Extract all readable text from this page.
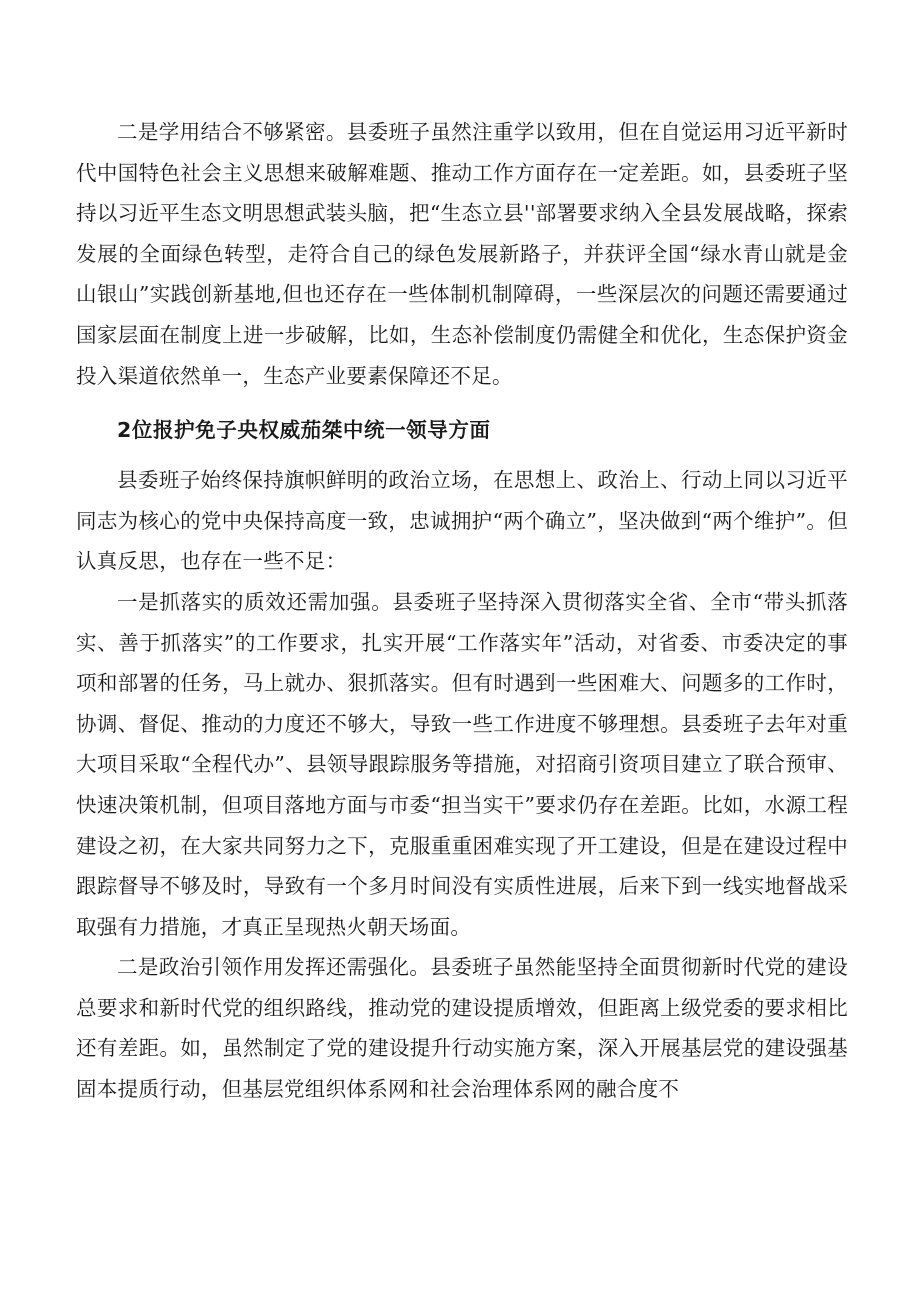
二是学用结合不够紧密。县委班子虽然注重学以致用，但在自觉运用习近平新时代中国特色社会主义思想来破解难题、推动工作方面存在一定差距。如，县委班子坚持以习近平生态文明思想武装头脑，把“生态立县''部署要求纳入全县发展战略，探索发展的全面绿色转型，走符合自己的绿色发展新路子，并获评全国“绿水青山就是金山银山”实践创新基地,但也还存在一些体制机制障碍，一些深层次的问题还需要通过国家层面在制度上进一步破解，比如，生态补偿制度仍需健全和优化，生态保护资金投入渠道依然单一，生态产业要素保障还不足。

2位报护免子央权威茄桀中统一领导方面

县委班子始终保持旗帜鲜明的政治立场，在思想上、政治上、行动上同以习近平同志为核心的党中央保持高度一致，忠诚拥护“两个确立”，坚决做到“两个维护”。但认真反思，也存在一些不足：

一是抓落实的质效还需加强。县委班子坚持深入贯彻落实全省、全市“带头抓落实、善于抓落实”的工作要求，扎实开展“工作落实年”活动，对省委、市委决定的事项和部署的任务，马上就办、狠抓落实。但有时遇到一些困难大、问题多的工作时，协调、督促、推动的力度还不够大，导致一些工作进度不够理想。县委班子去年对重大项目采取“全程代办”、县领导跟踪服务等措施，对招商引资项目建立了联合预审、快速决策机制，但项目落地方面与市委“担当实干”要求仍存在差距。比如，水源工程建设之初，在大家共同努力之下，克服重重困难实现了开工建设，但是在建设过程中跟踪督导不够及时，导致有一个多月时间没有实质性进展，后来下到一线实地督战采取强有力措施，才真正呈现热火朝天场面。

二是政治引领作用发挥还需强化。县委班子虽然能坚持全面贯彻新时代党的建设总要求和新时代党的组织路线，推动党的建设提质增效，但距离上级党委的要求相比还有差距。如，虽然制定了党的建设提升行动实施方案，深入开展基层党的建设强基固本提质行动，但基层党组织体系网和社会治理体系网的融合度不
